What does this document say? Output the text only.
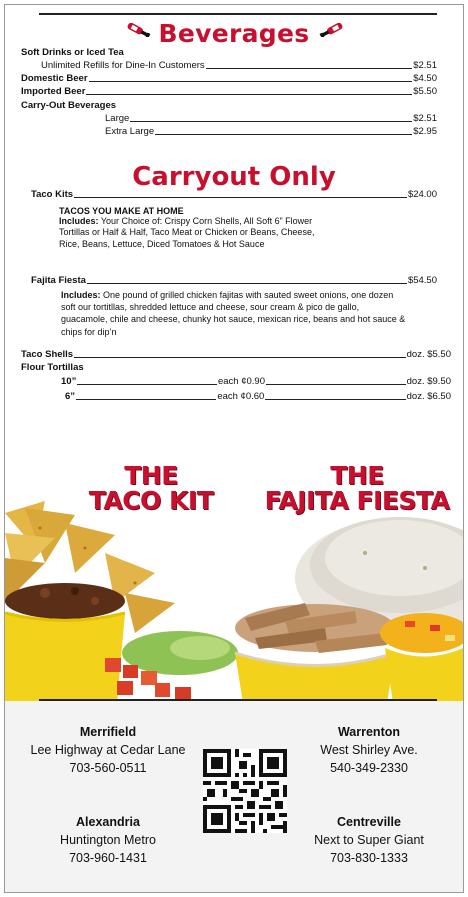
Beverages
Soft Drinks or Iced Tea
Unlimited Refills for Dine-In Customers	$2.51
Domestic Beer	$4.50
Imported Beer	$5.50
Carry-Out Beverages
Large	$2.51
Extra Large	$2.95
Carryout Only
Taco Kits	$24.00
TACOS YOU MAKE AT HOME
Includes: Your Choice of: Crispy Corn Shells, All Soft 6” Flower Tortillas or Half & Half, Taco Meat or Chicken or Beans, Cheese, Rice, Beans, Lettuce, Diced Tomatoes & Hot Sauce
Fajita Fiesta	$54.50
Includes: One pound of grilled chicken fajitas with sauted sweet onions, one dozen soft our tortitllas, shredded lettuce and cheese, sour cream & pico de gallo, guacamole, chile and cheese, chunky hot sauce, mexican rice, beans and hot sauce & chips for dip’n
Taco Shells	doz. $5.50
Flour Tortillas
10”	each ¢0.90	doz. $9.50
6”	each ¢0.60	doz. $6.50
THE
TACO KIT
THE
FAJITA FIESTA
Merrifield
Lee Highway at Cedar Lane
703-560-0511
Warrenton
West Shirley Ave.
540-349-2330
Alexandria
Huntington Metro
703-960-1431
Centreville
Next to Super Giant
703-830-1333
